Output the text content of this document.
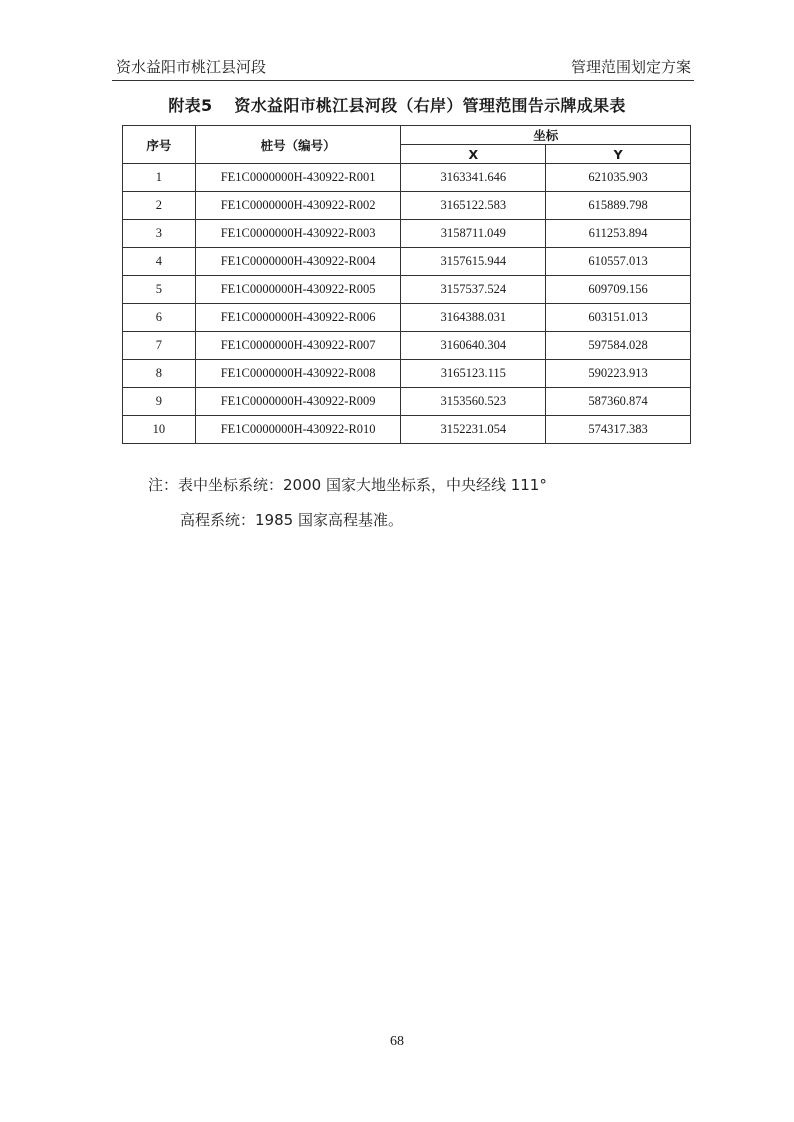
资水益阳市桃江县河段	管理范围划定方案
附表5 资水益阳市桃江县河段（右岸）管理范围告示牌成果表
序号	桩号（编号）	坐标	
		X	Y
1	FE1C0000000H-430922-R001	3163341.646	621035.903
2	FE1C0000000H-430922-R002	3165122.583	615889.798
3	FE1C0000000H-430922-R003	3158711.049	611253.894
4	FE1C0000000H-430922-R004	3157615.944	610557.013
5	FE1C0000000H-430922-R005	3157537.524	609709.156
6	FE1C0000000H-430922-R006	3164388.031	603151.013
7	FE1C0000000H-430922-R007	3160640.304	597584.028
8	FE1C0000000H-430922-R008	3165123.115	590223.913
9	FE1C0000000H-430922-R009	3153560.523	587360.874
10	FE1C0000000H-430922-R010	3152231.054	574317.383
注：表中坐标系统：2000 国家大地坐标系，中央经线 111°
高程系统：1985 国家高程基准。
68
